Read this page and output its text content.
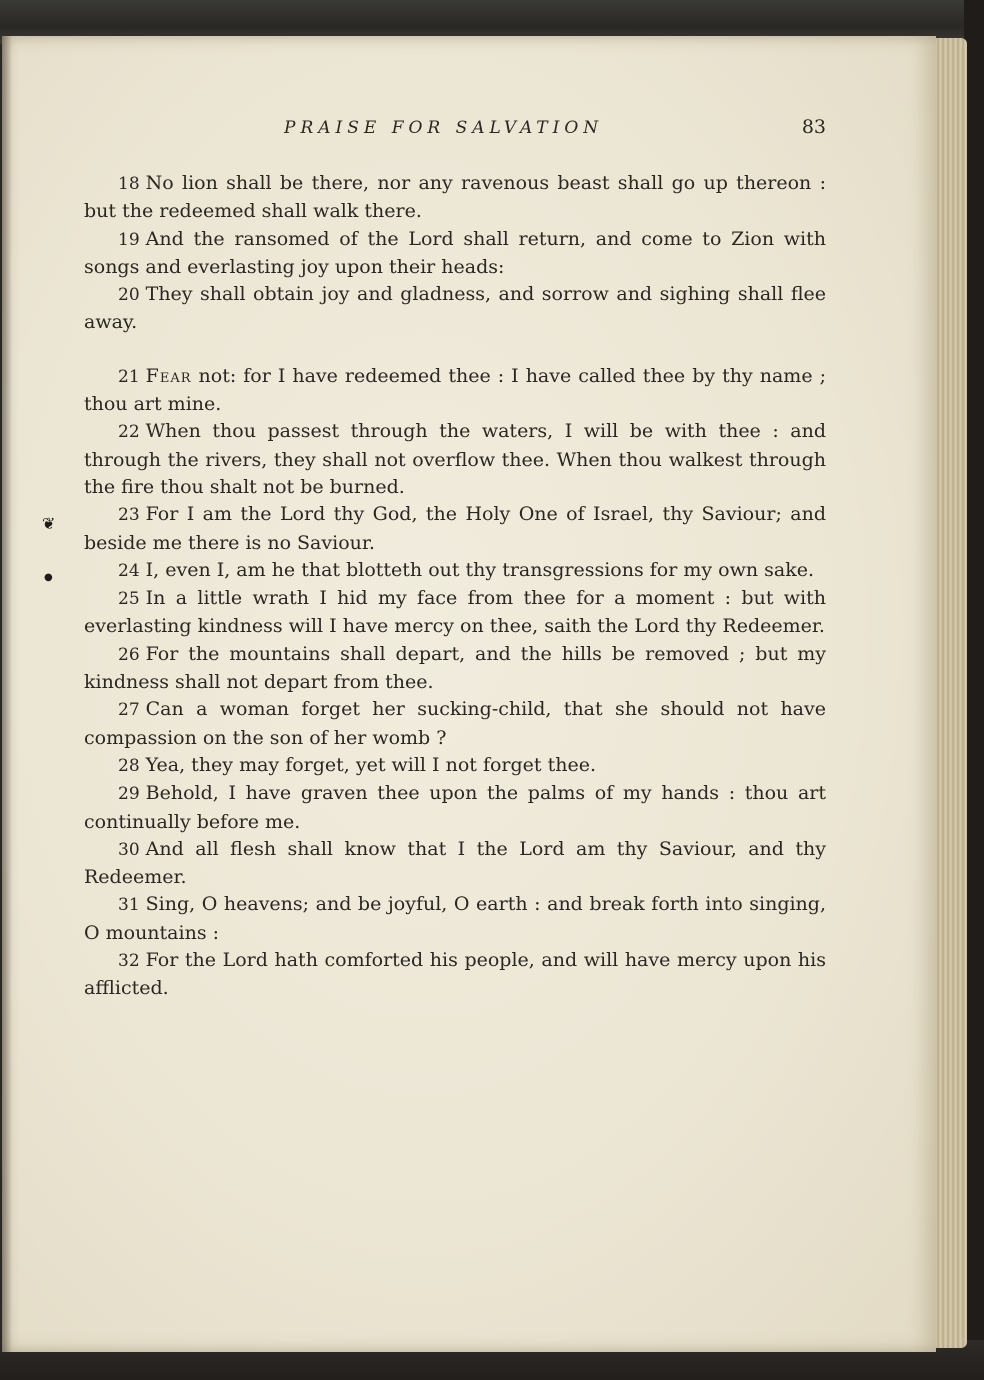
PRAISE FOR SALVATION	83
❦
●

18 No lion shall be there, nor any ravenous beast shall go up thereon : but the redeemed shall walk there.

19 And the ransomed of the Lord shall return, and come to Zion with songs and everlasting joy upon their heads:

20 They shall obtain joy and gladness, and sorrow and sighing shall flee away.

21 Fear not: for I have redeemed thee : I have called thee by thy name ; thou art mine.

22 When thou passest through the waters, I will be with thee : and through the rivers, they shall not overflow thee. When thou walkest through the fire thou shalt not be burned.

23 For I am the Lord thy God, the Holy One of Israel, thy Saviour; and beside me there is no Saviour.

24 I, even I, am he that blotteth out thy transgressions for my own sake.

25 In a little wrath I hid my face from thee for a moment : but with everlasting kindness will I have mercy on thee, saith the Lord thy Redeemer.

26 For the mountains shall depart, and the hills be removed ; but my kindness shall not depart from thee.

27 Can a woman forget her sucking-child, that she should not have compassion on the son of her womb ?

28 Yea, they may forget, yet will I not forget thee.

29 Behold, I have graven thee upon the palms of my hands : thou art continually before me.

30 And all flesh shall know that I the Lord am thy Saviour, and thy Redeemer.

31 Sing, O heavens; and be joyful, O earth : and break forth into singing, O mountains :

32 For the Lord hath comforted his people, and will have mercy upon his afflicted.
